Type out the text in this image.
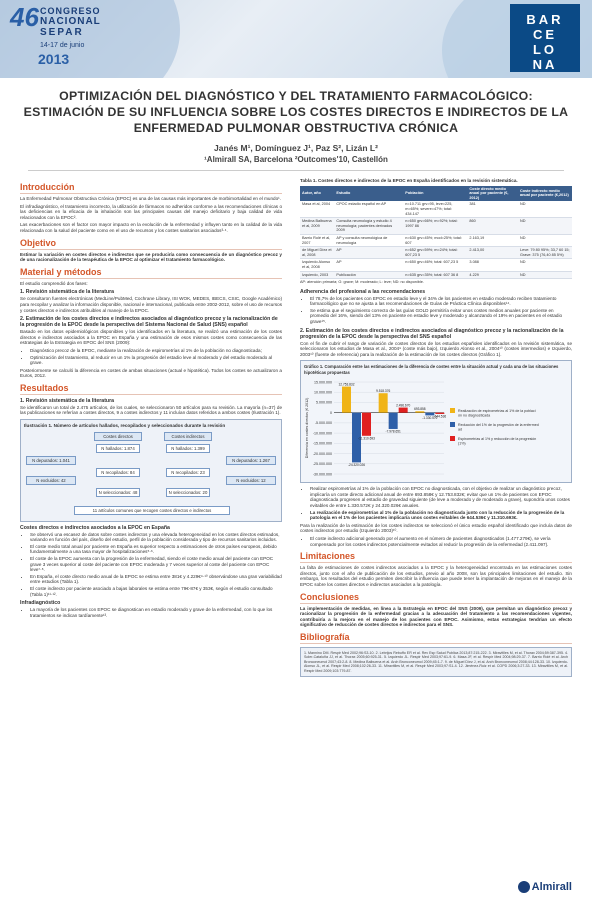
46 CONGRESO
NACIONAL
SEPAR
14-17 de junio
2013
BAR
CE
LO
NA
OPTIMIZACIÓN DEL DIAGNÓSTICO Y DEL TRATAMIENTO FARMACOLÓGICO: ESTIMACIÓN DE SU INFLUENCIA SOBRE LOS COSTES DIRECTOS E INDIRECTOS DE LA ENFERMEDAD PULMONAR OBSTRUCTIVA CRÓNICA
Janés M¹, Domínguez J¹, Paz S², Lizán L²
¹Almirall SA, Barcelona ²Outcomes'10, Castellón
Introducción

La Enfermedad Pulmonar Obstructiva Crónica (EPOC) es una de las causas más importantes de morbimortalidad en el mundo¹.

El infradiagnóstico, el tratamiento incorrecto, la utilización de fármacos no adheridos conforme a las recomendaciones clínicas o las deficiencias en la eficacia de la inhalación son las principales causas del manejo deficitario y baja calidad de vida relacionados con la EPOC².

Las exacerbaciones son el factor con mayor impacto en la evolución de la enfermedad y influyen tanto en la calidad de la vida relacionada con la salud del paciente como en el uso de recursos y los costes sanitarios asociados³·⁴.

Objetivo

Estimar la variación en costes directos e indirectos que se produciría como consecuencia de un diagnóstico precoz y de una racionalización de la terapéutica de la EPOC al optimizar el tratamiento farmacológico.

Material y métodos

El estudio comprendió dos fases:

1. Revisión sistemática de la literatura

Se consultaron fuentes electrónicas (MedLine/PubMed, Cochrane Library, ISI WOK, MEDES, IBECS, CSIC, Google Académico) para recopilar y analizar la información disponible, nacional e internacional, publicada entre 2002-2012, sobre el uso de recursos y costes directos e indirectos atribuibles al manejo de la EPOC.

2. Estimación de los costes directos e indirectos asociados al diagnóstico precoz y la racionalización de la progresión de la EPOC desde la perspectiva del Sistema Nacional de Salud (SNS) español

Basado en los datos epidemiológicos disponibles y los identificados en la literatura, se realizó una estimación de los costes directos e indirectos asociados a la EPOC en España y una estimación de esos mismos costes como consecuencia de las estrategias de la Estrategia en EPOC del SNS (2009):

• Diagnóstico precoz de la EPOC, mediante la realización de espirometrías al 1% de la población no diagnosticada;
• Optimización del tratamiento, al reducir en un 1% la progresión del estadio leve al moderado y del estadio moderado al grave.

Posteriormente se calculó la diferencia en costes de ambas situaciones (actual e hipotética). Todos los costes se actualizaron a Euros, 2012.

Resultados
1. Revisión sistemática de la literatura

Se identificaron un total de 2.475 artículos, de los cuales, se seleccionaron 50 artículos para su revisión. La mayoría (n=37) de las publicaciones se referían a costes directos, 9 a costes indirectos y 11 incluían datos referidos a ambos costes (Ilustración 1).

Ilustración 1. Número de artículos hallados, recopilados y seleccionados durante la revisión
Costes directos	Costes indirectos
N hallados: 1.874	N hallados: 1.399
N depurados: 1.041	N depurados: 1.267
N recopilados: 84	N recopilados: 23
N excluidos: 42	N excluidos: 12
N seleccionados: 48	N seleccionados: 20
11 artículos comunes que recogen costes directos e indirectos
Costes directos e indirectos asociados a la EPOC en España
• Se observó una escasez de datos sobre costes indirectos y una elevada heterogeneidad en los costes directos estimados, variando en función del país, diseño del estudio, perfil de la población considerada y tipo de recursos sanitarios incluidos.
• El coste medio total anual por paciente en España es superior respecto a estimaciones de otros países europeos, debido fundamentalmente a una tasa mayor de hospitalizaciones⁵·⁶.
• El coste de la EPOC aumenta con la progresión de la enfermedad, siendo el coste medio anual del paciente con EPOC grave 3 veces superior al coste del paciente con EPOC moderada y 7 veces superior al coste del paciente con EPOC leve⁷·⁸.
• En España, el coste directo medio anual de la EPOC se estima entre 381€ y 4.229€⁹·¹⁰ observándose una gran variabilidad entre estudios (Tabla 1).
• El coste indirecto por paciente asociado a bajas laborales se estima entre 79€-87€ y 353€, según el estudio consultado (Tabla 1)¹¹·¹².
Infradiagnóstico
• La mayoría de los pacientes con EPOC se diagnostican en estadio moderado y grave de la enfermedad, con lo que los tratamientos se indican tardíamente¹³.

Tabla 1. Costes directos e indirectos de la EPOC en España identificados en la revisión sistemática.

Autor, año	Estudio	Población	Coste directo medio anual por paciente (€, 2012)	Coste indirecto medio anual por paciente (€,2012)
Masa et al, 2004	CPOC estadio español en AP	n=10.711 grv=95, leve=225, m=65%; severe=47%; total: 434.147	381	ND
Medina Balbuena et al, 2009	Consulta neumología y estudio 4 neumología; pacientes derivados 2009	n=650 grv=66%; m=92%; total: 1997 86	860	ND
Barrio Rolé et al, 2007	AP y consulta neumológica de neumología	n=630 grv=45%; mod=25%; total: 607	2.163,19	ND
de Miguel Díez et al, 2008	AP	n=652 grv=59%; m=24%; total: 607,23 5	2.413,00	Leve: 79 80 95%; 33,7 60 15; Grave: 375 (76,40 85 5%)
Izquierdo Alonso et al, 2008	AP	n=650 grv=46%; total: 607,23 5	3.088	ND
Izquierdo, 2003	Publicación	n=635 grv=35%; total: 607 36 8	4.229	ND

AP: atención primaria; G: grave; M: moderado; L: leve; ND: no disponible.

Adherencia del profesional a las recomendaciones
• El 78,7% de los pacientes con EPOC en estadio leve y el 34% de los pacientes en estadio moderado reciben tratamiento farmacológico que no se ajusta a las recomendaciones de Guías de Práctica Clínica disponibles¹⁴.
• Se estima que el seguimiento correcto de las guías GOLD permitiría evitar unos costes medios anuales por paciente en promedio del 16%, siendo del 13% en paciente en estadio leve y moderado y alcanzando el 19% en pacientes en el estadio grave¹⁵.
2. Estimación de los costes directos e indirectos asociados al diagnóstico precoz y la racionalización de la progresión de la EPOC desde la perspectiva del SNS español

Con el fin de cubrir el rango de variación de costes directos de los estudios españoles identificados en la revisión sistemática, se seleccionaron los estudios de Masa et al., 2004⁹ (coste más bajo), Izquierdo Alonso et al., 2004¹⁰ (costes intermedios) e Izquierdo, 2003¹⁰ (fuente de referencia) para la realización de la estimación de los costes directos (Gráfico 1).

Gráfico 1. Comparación entre las estimaciones de la diferencia de costes entre la situación actual y cada una de las situaciones hipotéticas propuestas
15.000.000
10.000.000
5.000.000
0
-5.000.000
-10.000.000
-15.000.000
-20.000.000
-25.000.000
-30.000.000
Diferencia en costes directos (€ 2012)
12.753.832
-24.320.026
-11.310.693
9.518.376
-7.978.651
2.496.670
693.858
-1.330.572
-644.536
Realización de espirometrías al 1% de la poblaci
ón no diagnosticada
Reducción del 1% de la progresión de la enfermed
ad
Espirometrías al 1% y reducción de la progresión
(1%)
• Realizar espirometrías al 1% de la población con EPOC no diagnosticada, con el objetivo de realizar un diagnóstico precoz, implicaría un coste directo adicional anual de entre 693.858€ y 12.753.832€; evitar que un 1% de pacientes con EPOC diagnosticada progresen al estadio de gravedad siguiente (de leve a moderado y de moderado a grave), supondría unos costes evitables de entre 1.330.572€ y 24.320.026€ anuales.
• La realización de espirometrías al 1% de la población no diagnosticada junto con la reducción de la progresión de la patología en el 1% de los pacientes implicaría unos costes evitables de 644.536€ y 11.310.693€.

Para la realización de la estimación de los costes indirectos se seleccionó el único estudio español identificado que incluía datos de costes indirectos por estudio (Izquierdo 2003)¹⁰.

• El coste indirecto adicional generado por el aumento en el número de pacientes diagnosticados (1.477.279€), se vería compensado por los costes indirectos potencialmente evitados al reducir la progresión de la enfermedad (2.411.097).
Limitaciones

La falta de estimaciones de costes indirectos asociados a la EPOC y la heterogeneidad encontrada en las estimaciones costes directos, junto con el año de publicación de los estudios, previo al año 2008, son las principales limitaciones del estudio. Sin embargo, los resultados del estudio permiten describir la influencia que puede tener la implantación de mejoras en el manejo de la EPOC sobre los costes directos e indirectos asociados a la patología.

Conclusiones

La implementación de medidas, en línea a la Estrategia en EPOC del SNS (2009), que permitan un diagnóstico precoz y racionalizar la progresión de la enfermedad gracias a la adecuación del tratamiento a las recomendaciones vigentes, contribuiría a la mejora en el manejo de los pacientes con EPOC. Asimismo, estas estrategias tendrían un efecto significativo de reducción de costes directos e indirectos para el SNS.

Bibliografía
1. Mannino DM. Respir Med 2002;96:S3-10. 2. Lebrijos Rebuffo ER et al. Rev Esp Salud Publica 2013;87:215-222. 3. Miravitlles M, et al. Thorax 2004;59:387-395. 4. Soler-Cataluña JJ, et al. Thorax 2005;60:925-31. 5. Izquierdo JL. Respir Med 2003;97:61-9. 6. Masa JF, et al. Respir Med 2004;98:29-37. 7. Barrio Rolé et al. Arch Bronconeumol 2007;43:2-8. 8. Medina Balbuena et al. Arch Bronconeumol 2009;45:1-7. 9. de Miguel Díez J, et al. Arch Bronconeumol 2008;44:128-33. 10. Izquierdo-Alonso JL, et al. Respir Med 2008;102:26-33. 11. Miravitlles M, et al. Respir Med 2003;97:S1-4. 12. Jiménez-Ruiz et al. COPD 2006;3:27-33. 13. Miravitlles M, et al. Respir Med 2009;103:779-87.
Almirall
